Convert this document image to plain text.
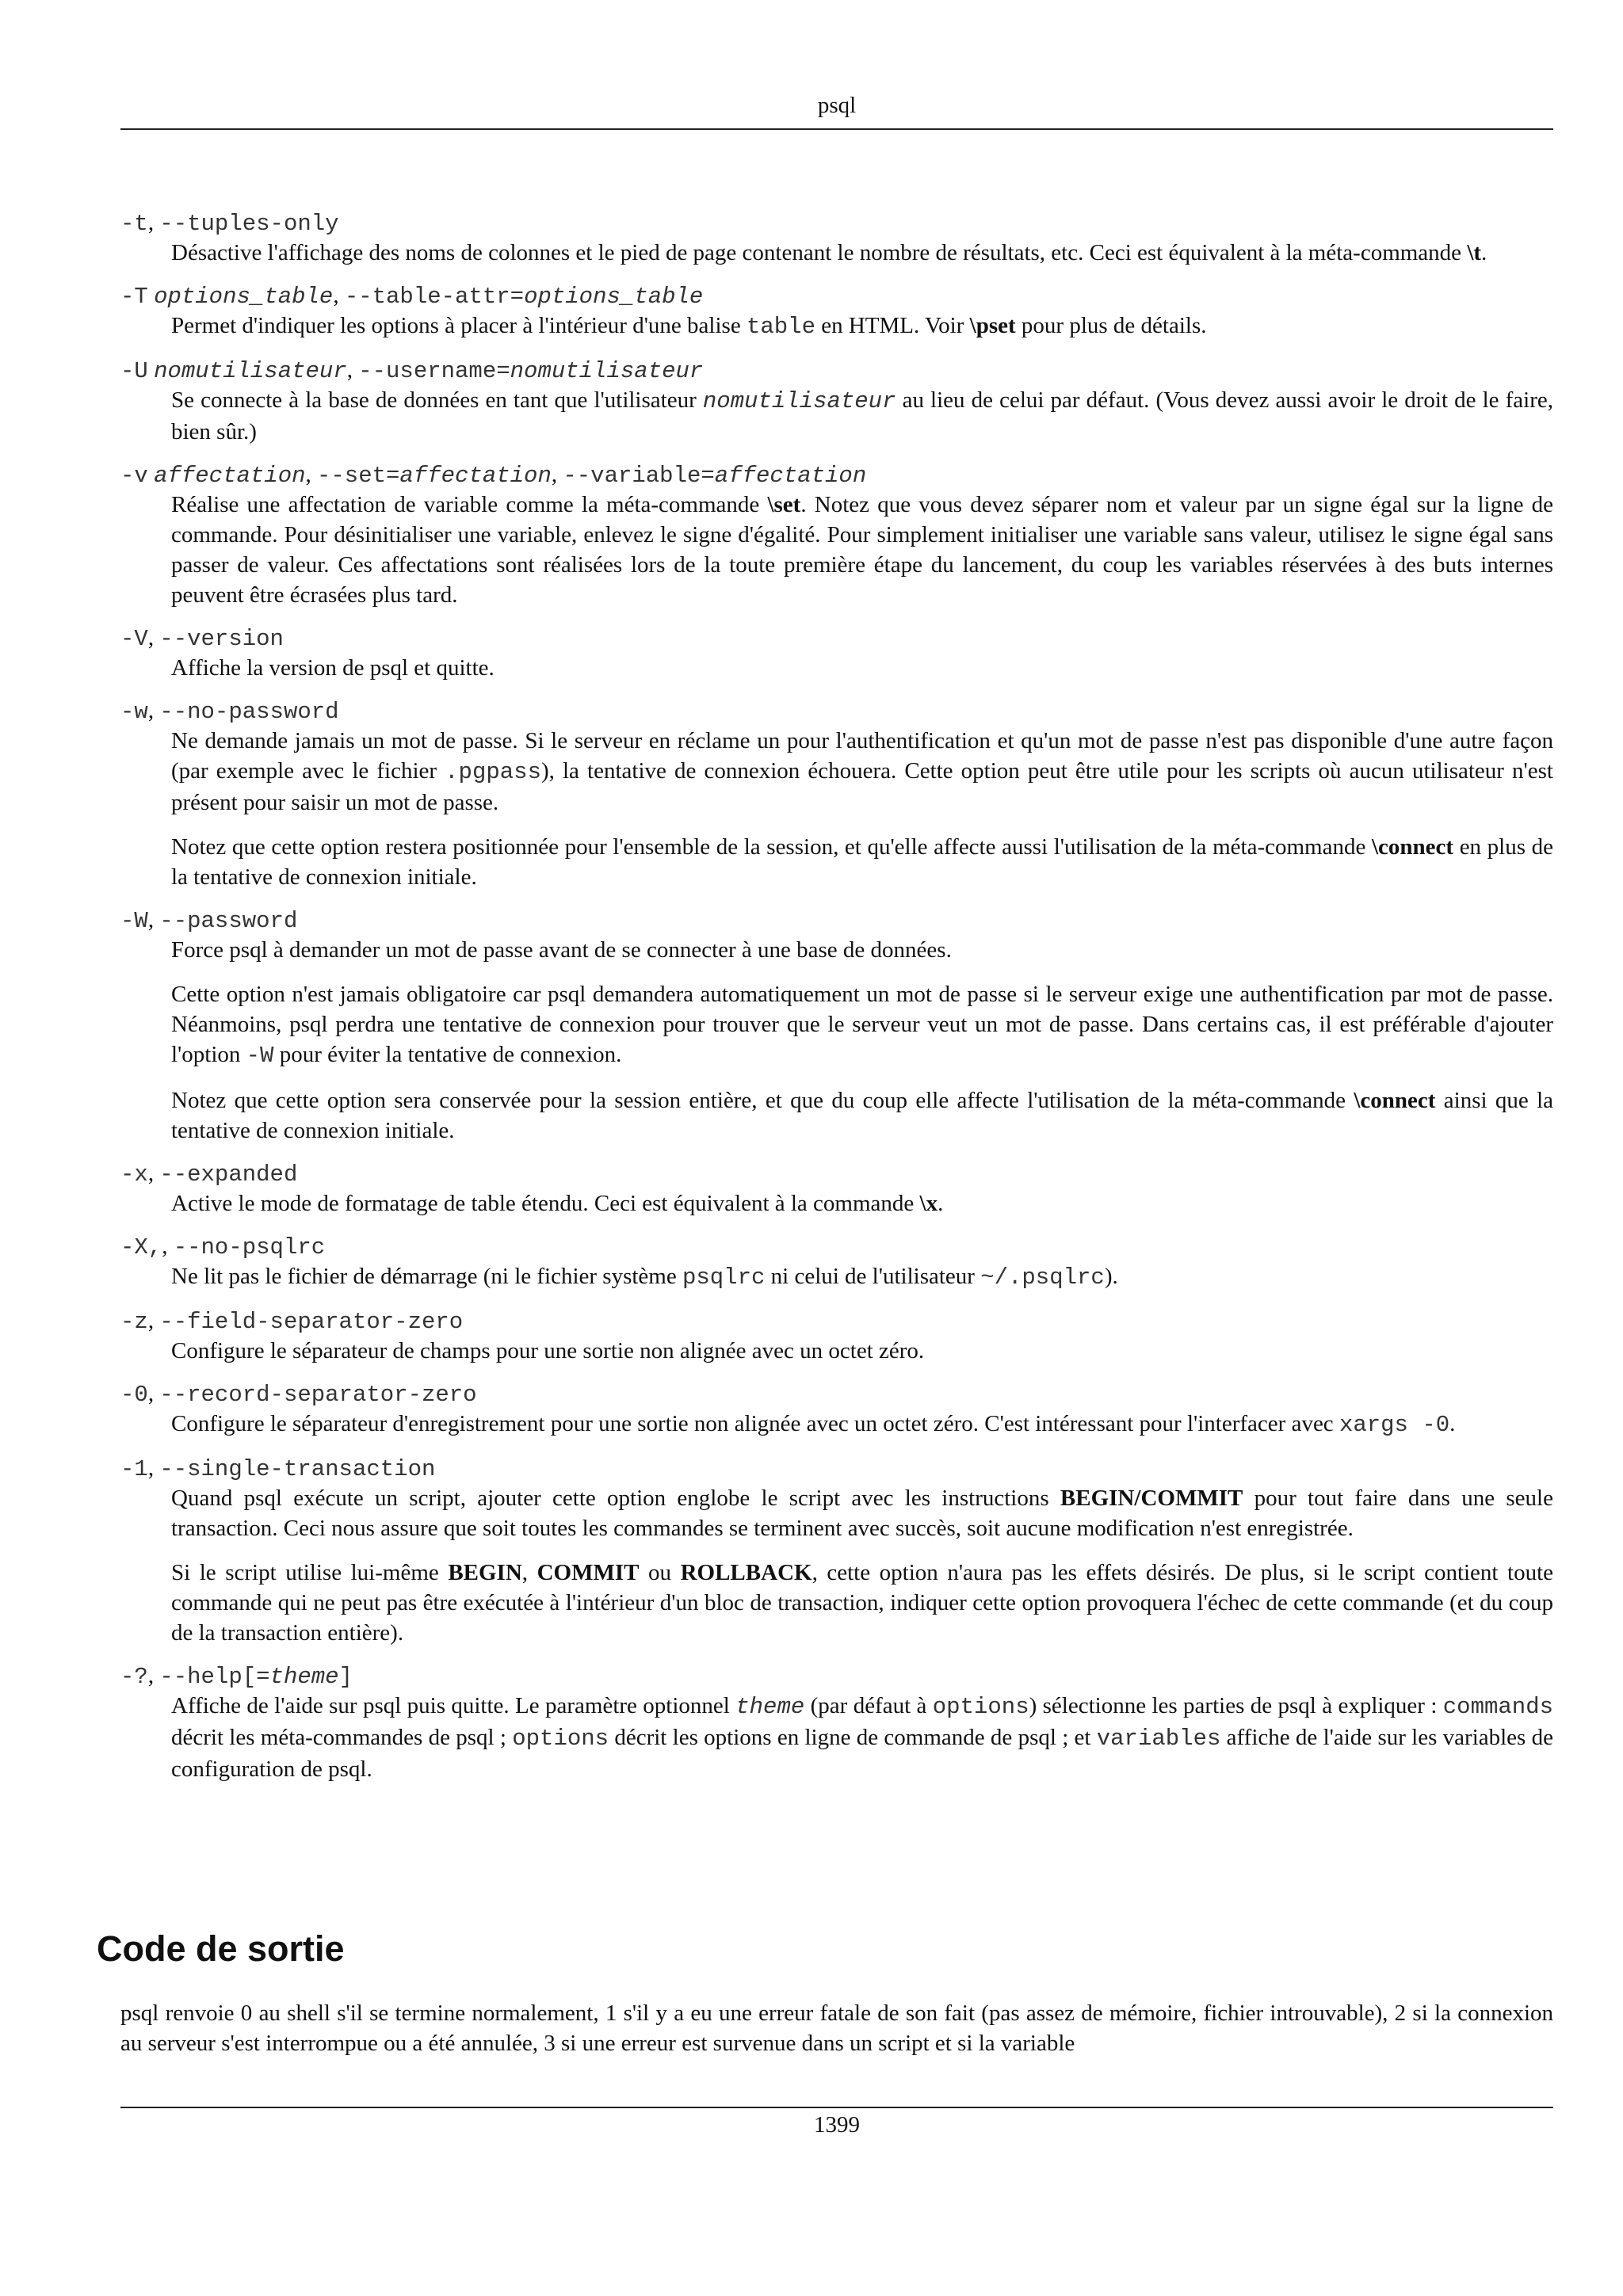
psql
-t, --tuples-only

Désactive l'affichage des noms de colonnes et le pied de page contenant le nombre de résultats, etc. Ceci est équivalent à la méta-commande \t.

-T options_table, --table-attr=options_table

Permet d'indiquer les options à placer à l'intérieur d'une balise table en HTML. Voir \pset pour plus de détails.

-U nomutilisateur, --username=nomutilisateur

Se connecte à la base de données en tant que l'utilisateur nomutilisateur au lieu de celui par défaut. (Vous devez aussi avoir le droit de le faire, bien sûr.)

-v affectation, --set=affectation, --variable=affectation

Réalise une affectation de variable comme la méta-commande \set. Notez que vous devez séparer nom et valeur par un signe égal sur la ligne de commande. Pour désinitialiser une variable, enlevez le signe d'égalité. Pour simplement initialiser une variable sans valeur, utilisez le signe égal sans passer de valeur. Ces affectations sont réalisées lors de la toute première étape du lancement, du coup les variables réservées à des buts internes peuvent être écrasées plus tard.

-V, --version

Affiche la version de psql et quitte.

-w, --no-password

Ne demande jamais un mot de passe. Si le serveur en réclame un pour l'authentification et qu'un mot de passe n'est pas disponible d'une autre façon (par exemple avec le fichier .pgpass), la tentative de connexion échouera. Cette option peut être utile pour les scripts où aucun utilisateur n'est présent pour saisir un mot de passe.

Notez que cette option restera positionnée pour l'ensemble de la session, et qu'elle affecte aussi l'utilisation de la méta-commande \connect en plus de la tentative de connexion initiale.

-W, --password

Force psql à demander un mot de passe avant de se connecter à une base de données.

Cette option n'est jamais obligatoire car psql demandera automatiquement un mot de passe si le serveur exige une authentification par mot de passe. Néanmoins, psql perdra une tentative de connexion pour trouver que le serveur veut un mot de passe. Dans certains cas, il est préférable d'ajouter l'option -W pour éviter la tentative de connexion.

Notez que cette option sera conservée pour la session entière, et que du coup elle affecte l'utilisation de la méta-commande \connect ainsi que la tentative de connexion initiale.

-x, --expanded

Active le mode de formatage de table étendu. Ceci est équivalent à la commande \x.

-X,, --no-psqlrc

Ne lit pas le fichier de démarrage (ni le fichier système psqlrc ni celui de l'utilisateur ~/.psqlrc).

-z, --field-separator-zero

Configure le séparateur de champs pour une sortie non alignée avec un octet zéro.

-0, --record-separator-zero

Configure le séparateur d'enregistrement pour une sortie non alignée avec un octet zéro. C'est intéressant pour l'interfacer avec xargs -0.

-1, --single-transaction

Quand psql exécute un script, ajouter cette option englobe le script avec les instructions BEGIN/COMMIT pour tout faire dans une seule transaction. Ceci nous assure que soit toutes les commandes se terminent avec succès, soit aucune modification n'est enregistrée.

Si le script utilise lui-même BEGIN, COMMIT ou ROLLBACK, cette option n'aura pas les effets désirés. De plus, si le script contient toute commande qui ne peut pas être exécutée à l'intérieur d'un bloc de transaction, indiquer cette option provoquera l'échec de cette commande (et du coup de la transaction entière).

-?, --help[=theme]

Affiche de l'aide sur psql puis quitte. Le paramètre optionnel theme (par défaut à options) sélectionne les parties de psql à expliquer : commands décrit les méta-commandes de psql ; options décrit les options en ligne de commande de psql ; et variables affiche de l'aide sur les variables de configuration de psql.

Code de sortie
psql renvoie 0 au shell s'il se termine normalement, 1 s'il y a eu une erreur fatale de son fait (pas assez de mémoire, fichier introuvable), 2 si la connexion au serveur s'est interrompue ou a été annulée, 3 si une erreur est survenue dans un script et si la variable
1399
